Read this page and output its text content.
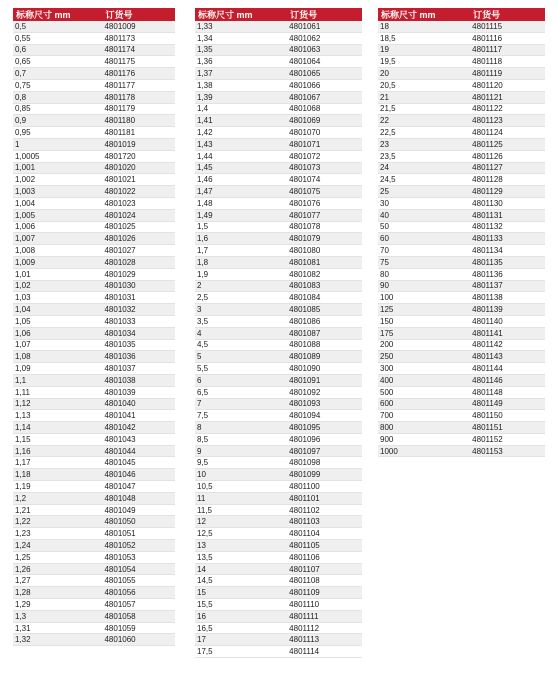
标称尺寸 mm	订货号
0,5	4801009
0,55	4801173
0,6	4801174
0,65	4801175
0,7	4801176
0,75	4801177
0,8	4801178
0,85	4801179
0,9	4801180
0,95	4801181
1	4801019
1,0005	4801720
1,001	4801020
1,002	4801021
1,003	4801022
1,004	4801023
1,005	4801024
1,006	4801025
1,007	4801026
1,008	4801027
1,009	4801028
1,01	4801029
1,02	4801030
1,03	4801031
1,04	4801032
1,05	4801033
1,06	4801034
1,07	4801035
1,08	4801036
1,09	4801037
1,1	4801038
1,11	4801039
1,12	4801040
1,13	4801041
1,14	4801042
1,15	4801043
1,16	4801044
1,17	4801045
1,18	4801046
1,19	4801047
1,2	4801048
1,21	4801049
1,22	4801050
1,23	4801051
1,24	4801052
1,25	4801053
1,26	4801054
1,27	4801055
1,28	4801056
1,29	4801057
1,3	4801058
1,31	4801059
1,32	4801060
标称尺寸 mm	订货号
1,33	4801061
1,34	4801062
1,35	4801063
1,36	4801064
1,37	4801065
1,38	4801066
1,39	4801067
1,4	4801068
1,41	4801069
1,42	4801070
1,43	4801071
1,44	4801072
1,45	4801073
1,46	4801074
1,47	4801075
1,48	4801076
1,49	4801077
1,5	4801078
1,6	4801079
1,7	4801080
1,8	4801081
1,9	4801082
2	4801083
2,5	4801084
3	4801085
3,5	4801086
4	4801087
4,5	4801088
5	4801089
5,5	4801090
6	4801091
6,5	4801092
7	4801093
7,5	4801094
8	4801095
8,5	4801096
9	4801097
9,5	4801098
10	4801099
10,5	4801100
11	4801101
11,5	4801102
12	4801103
12,5	4801104
13	4801105
13,5	4801106
14	4801107
14,5	4801108
15	4801109
15,5	4801110
16	4801111
16,5	4801112
17	4801113
17,5	4801114
标称尺寸 mm	订货号
18	4801115
18,5	4801116
19	4801117
19,5	4801118
20	4801119
20,5	4801120
21	4801121
21,5	4801122
22	4801123
22,5	4801124
23	4801125
23,5	4801126
24	4801127
24,5	4801128
25	4801129
30	4801130
40	4801131
50	4801132
60	4801133
70	4801134
75	4801135
80	4801136
90	4801137
100	4801138
125	4801139
150	4801140
175	4801141
200	4801142
250	4801143
300	4801144
400	4801146
500	4801148
600	4801149
700	4801150
800	4801151
900	4801152
1000	4801153
